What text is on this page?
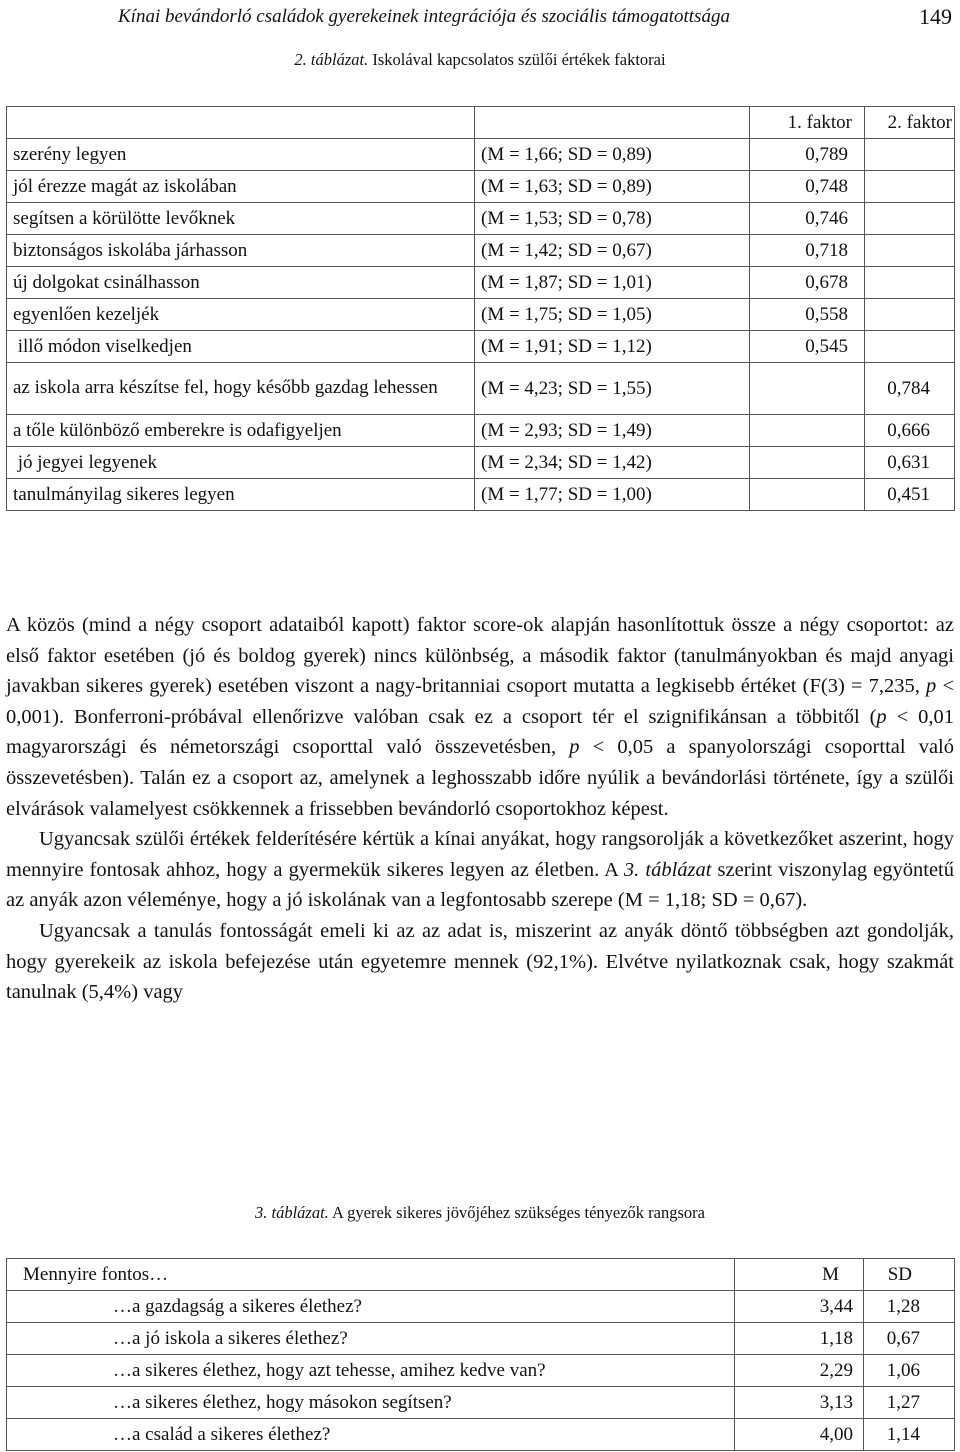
Kínai bevándorló családok gyerekeinek integrációja és szociális támogatottsága	149
2. táblázat. Iskolával kapcsolatos szülői értékek faktorai
		1. faktor	2. faktor
szerény legyen	(M = 1,66; SD = 0,89)	0,789	
jól érezze magát az iskolában	(M = 1,63; SD = 0,89)	0,748	
segítsen a körülötte levőknek	(M = 1,53; SD = 0,78)	0,746	
biztonságos iskolába járhasson	(M = 1,42; SD = 0,67)	0,718	
új dolgokat csinálhasson	(M = 1,87; SD = 1,01)	0,678	
egyenlően kezeljék	(M = 1,75; SD = 1,05)	0,558	
illő módon viselkedjen	(M = 1,91; SD = 1,12)	0,545	
az iskola arra készítse fel, hogy később gazdag lehessen	(M = 4,23; SD = 1,55)		0,784
a tőle különböző emberekre is odafigyeljen	(M = 2,93; SD = 1,49)		0,666
jó jegyei legyenek	(M = 2,34; SD = 1,42)		0,631
tanulmányilag sikeres legyen	(M = 1,77; SD = 1,00)		0,451

A közös (mind a négy csoport adataiból kapott) faktor score-ok alapján hasonlítottuk össze a négy csoportot: az első faktor esetében (jó és boldog gyerek) nincs különbség, a második faktor (tanulmányokban és majd anyagi javakban sikeres gyerek) esetében viszont a nagy-britanniai csoport mutatta a legkisebb értéket (F(3) = 7,235, p < 0,001). Bonferroni-próbával ellenőrizve valóban csak ez a csoport tér el szignifikánsan a többitől (p < 0,01 magyarországi és németországi csoporttal való összevetésben, p < 0,05 a spanyolországi csoporttal való összevetésben). Talán ez a csoport az, amelynek a leghosszabb időre nyúlik a bevándorlási története, így a szülői elvárások valamelyest csökkennek a frissebben bevándorló csoportokhoz képest.

Ugyancsak szülői értékek felderítésére kértük a kínai anyákat, hogy rangsorolják a következőket aszerint, hogy mennyire fontosak ahhoz, hogy a gyermekük sikeres legyen az életben. A 3. táblázat szerint viszonylag egyöntetű az anyák azon véleménye, hogy a jó iskolának van a legfontosabb szerepe (M = 1,18; SD = 0,67).

Ugyancsak a tanulás fontosságát emeli ki az az adat is, miszerint az anyák döntő többségben azt gondolják, hogy gyerekeik az iskola befejezése után egyetemre mennek (92,1%). Elvétve nyilatkoznak csak, hogy szakmát tanulnak (5,4%) vagy

3. táblázat. A gyerek sikeres jövőjéhez szükséges tényezők rangsora
Mennyire fontos…	M	SD
…a gazdagság a sikeres élethez?	3,44	1,28
…a jó iskola a sikeres élethez?	1,18	0,67
…a sikeres élethez, hogy azt tehesse, amihez kedve van?	2,29	1,06
…a sikeres élethez, hogy másokon segítsen?	3,13	1,27
…a család a sikeres élethez?	4,00	1,14
